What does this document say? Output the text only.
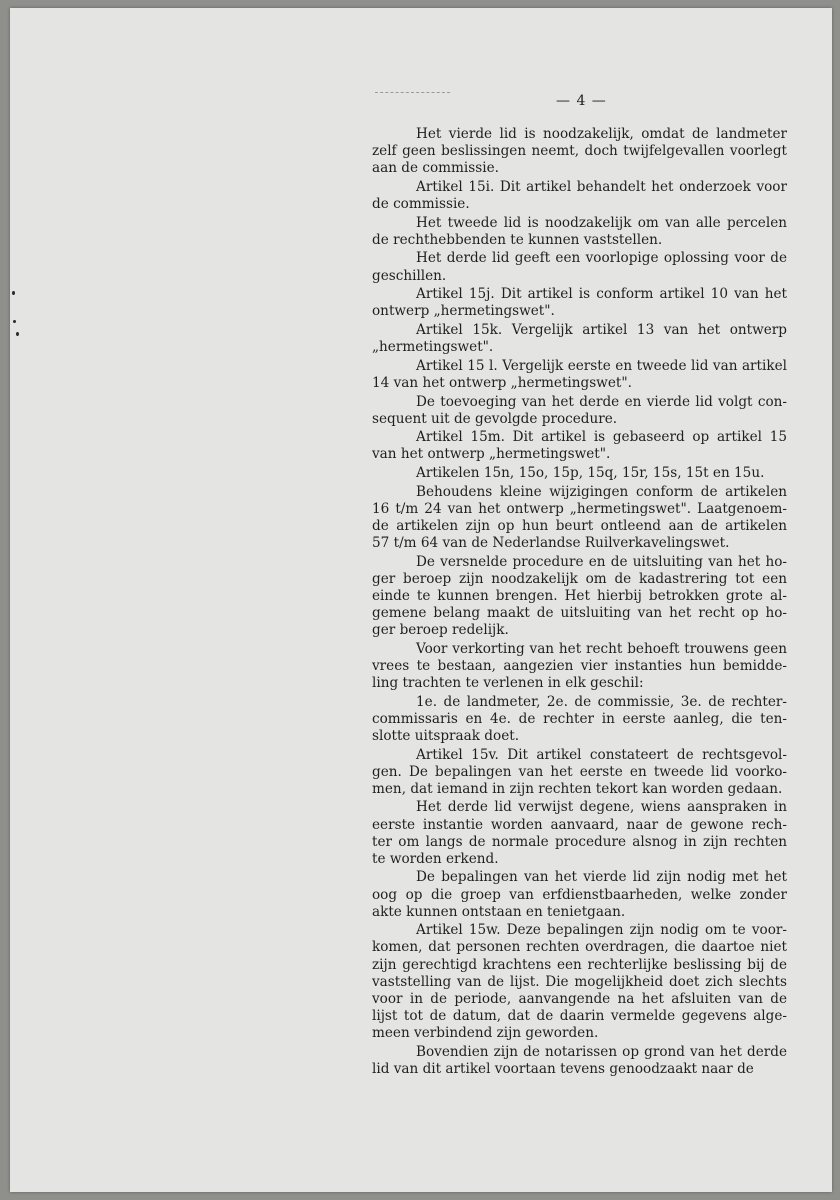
— 4 —
Het vierde lid is noodzakelijk, omdat de landmeter
zelf geen beslissingen neemt, doch twijfelgevallen voorlegt
aan de commissie.
Artikel 15i. Dit artikel behandelt het onderzoek voor
de commissie.
Het tweede lid is noodzakelijk om van alle percelen
de rechthebbenden te kunnen vaststellen.
Het derde lid geeft een voorlopige oplossing voor de
geschillen.
Artikel 15j. Dit artikel is conform artikel 10 van het
ontwerp „hermetingswet".
Artikel 15k. Vergelijk artikel 13 van het ontwerp
„hermetingswet".
Artikel 15 l. Vergelijk eerste en tweede lid van artikel
14 van het ontwerp „hermetingswet".
De toevoeging van het derde en vierde lid volgt con-
sequent uit de gevolgde procedure.
Artikel 15m. Dit artikel is gebaseerd op artikel 15
van het ontwerp „hermetingswet".
Artikelen 15n, 15o, 15p, 15q, 15r, 15s, 15t en 15u.
Behoudens kleine wijzigingen conform de artikelen
16 t/m 24 van het ontwerp „hermetingswet". Laatgenoem-
de artikelen zijn op hun beurt ontleend aan de artikelen
57 t/m 64 van de Nederlandse Ruilverkavelingswet.
De versnelde procedure en de uitsluiting van het ho-
ger beroep zijn noodzakelijk om de kadastrering tot een
einde te kunnen brengen. Het hierbij betrokken grote al-
gemene belang maakt de uitsluiting van het recht op ho-
ger beroep redelijk.
Voor verkorting van het recht behoeft trouwens geen
vrees te bestaan, aangezien vier instanties hun bemidde-
ling trachten te verlenen in elk geschil:
1e. de landmeter, 2e. de commissie, 3e. de rechter-
commissaris en 4e. de rechter in eerste aanleg, die ten-
slotte uitspraak doet.
Artikel 15v. Dit artikel constateert de rechtsgevol-
gen. De bepalingen van het eerste en tweede lid voorko-
men, dat iemand in zijn rechten tekort kan worden gedaan.
Het derde lid verwijst degene, wiens aanspraken in
eerste instantie worden aanvaard, naar de gewone rech-
ter om langs de normale procedure alsnog in zijn rechten
te worden erkend.
De bepalingen van het vierde lid zijn nodig met het
oog op die groep van erfdienstbaarheden, welke zonder
akte kunnen ontstaan en tenietgaan.
Artikel 15w. Deze bepalingen zijn nodig om te voor-
komen, dat personen rechten overdragen, die daartoe niet
zijn gerechtigd krachtens een rechterlijke beslissing bij de
vaststelling van de lijst. Die mogelijkheid doet zich slechts
voor in de periode, aanvangende na het afsluiten van de
lijst tot de datum, dat de daarin vermelde gegevens alge-
meen verbindend zijn geworden.
Bovendien zijn de notarissen op grond van het derde
lid van dit artikel voortaan tevens genoodzaakt naar de
